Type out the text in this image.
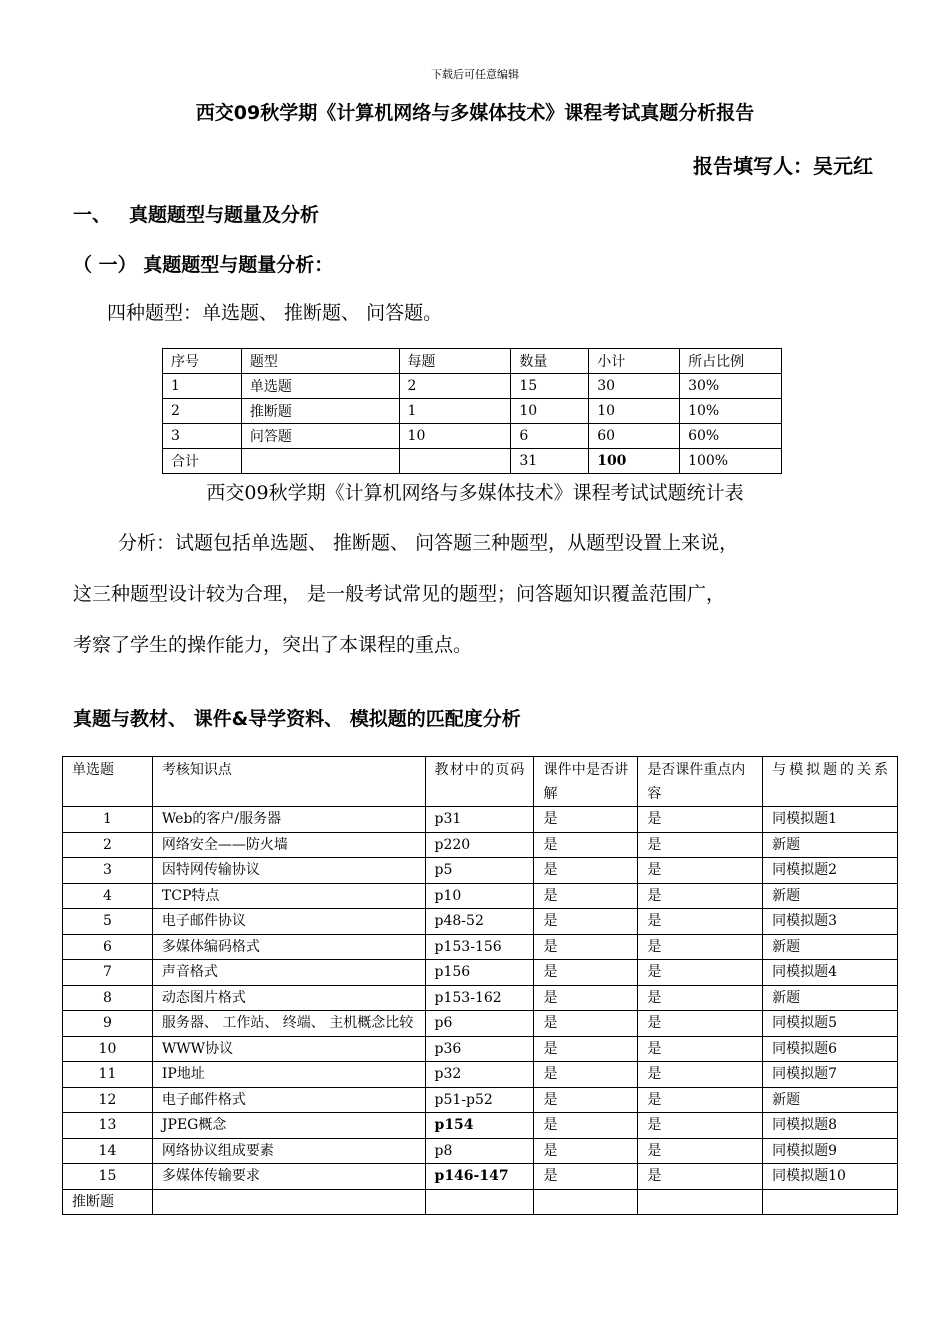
下载后可任意编辑
西交09秋学期《计算机网络与多媒体技术》课程考试真题分析报告
报告填写人：吴元红
一、 真题题型与题量及分析
（ 一） 真题题型与题量分析：
四种题型：单选题、 推断题、 问答题。
序号	题型	每题	数量	小计	所占比例
1	单选题	2	15	30	30%
2	推断题	1	10	10	10%
3	问答题	10	6	60	60%
合计			31	100	100%
西交09秋学期《计算机网络与多媒体技术》课程考试试题统计表

分析：试题包括单选题、 推断题、 问答题三种题型，从题型设置上来说，

这三种题型设计较为合理， 是一般考试常见的题型；问答题知识覆盖范围广，

考察了学生的操作能力，突出了本课程的重点。

真题与教材、 课件&导学资料、 模拟题的匹配度分析
单选题	考核知识点	教材中的页码	课件中是否讲解	是否课件重点内容	与模拟题的关系
1	Web的客户/服务器	p31	是	是	同模拟题1
2	网络安全——防火墙	p220	是	是	新题
3	因特网传输协议	p5	是	是	同模拟题2
4	TCP特点	p10	是	是	新题
5	电子邮件协议	p48-52	是	是	同模拟题3
6	多媒体编码格式	p153-156	是	是	新题
7	声音格式	p156	是	是	同模拟题4
8	动态图片格式	p153-162	是	是	新题
9	服务器、 工作站、 终端、 主机概念比较	p6	是	是	同模拟题5
10	WWW协议	p36	是	是	同模拟题6
11	IP地址	p32	是	是	同模拟题7
12	电子邮件格式	p51-p52	是	是	新题
13	JPEG概念	p154	是	是	同模拟题8
14	网络协议组成要素	p8	是	是	同模拟题9
15	多媒体传输要求	p146-147	是	是	同模拟题10
推断题					
